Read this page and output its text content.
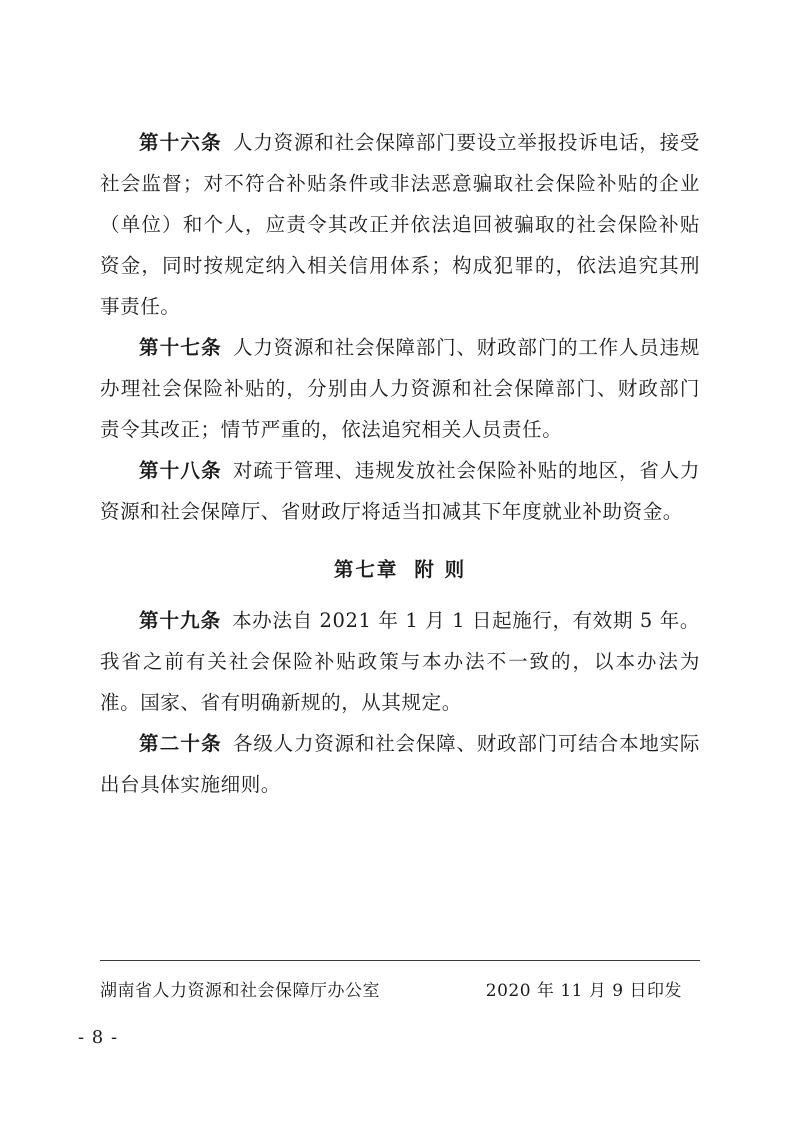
第十六条 人力资源和社会保障部门要设立举报投诉电话，接受社会监督；对不符合补贴条件或非法恶意骗取社会保险补贴的企业（单位）和个人，应责令其改正并依法追回被骗取的社会保险补贴资金，同时按规定纳入相关信用体系；构成犯罪的，依法追究其刑事责任。

第十七条 人力资源和社会保障部门、财政部门的工作人员违规办理社会保险补贴的，分别由人力资源和社会保障部门、财政部门责令其改正；情节严重的，依法追究相关人员责任。

第十八条 对疏于管理、违规发放社会保险补贴的地区，省人力资源和社会保障厅、省财政厅将适当扣减其下年度就业补助资金。

第七章 附 则

第十九条 本办法自 2021 年 1 月 1 日起施行，有效期 5 年。我省之前有关社会保险补贴政策与本办法不一致的，以本办法为准。国家、省有明确新规的，从其规定。

第二十条 各级人力资源和社会保障、财政部门可结合本地实际出台具体实施细则。

湖南省人力资源和社会保障厅办公室	2020 年 11 月 9 日印发
- 8 -
